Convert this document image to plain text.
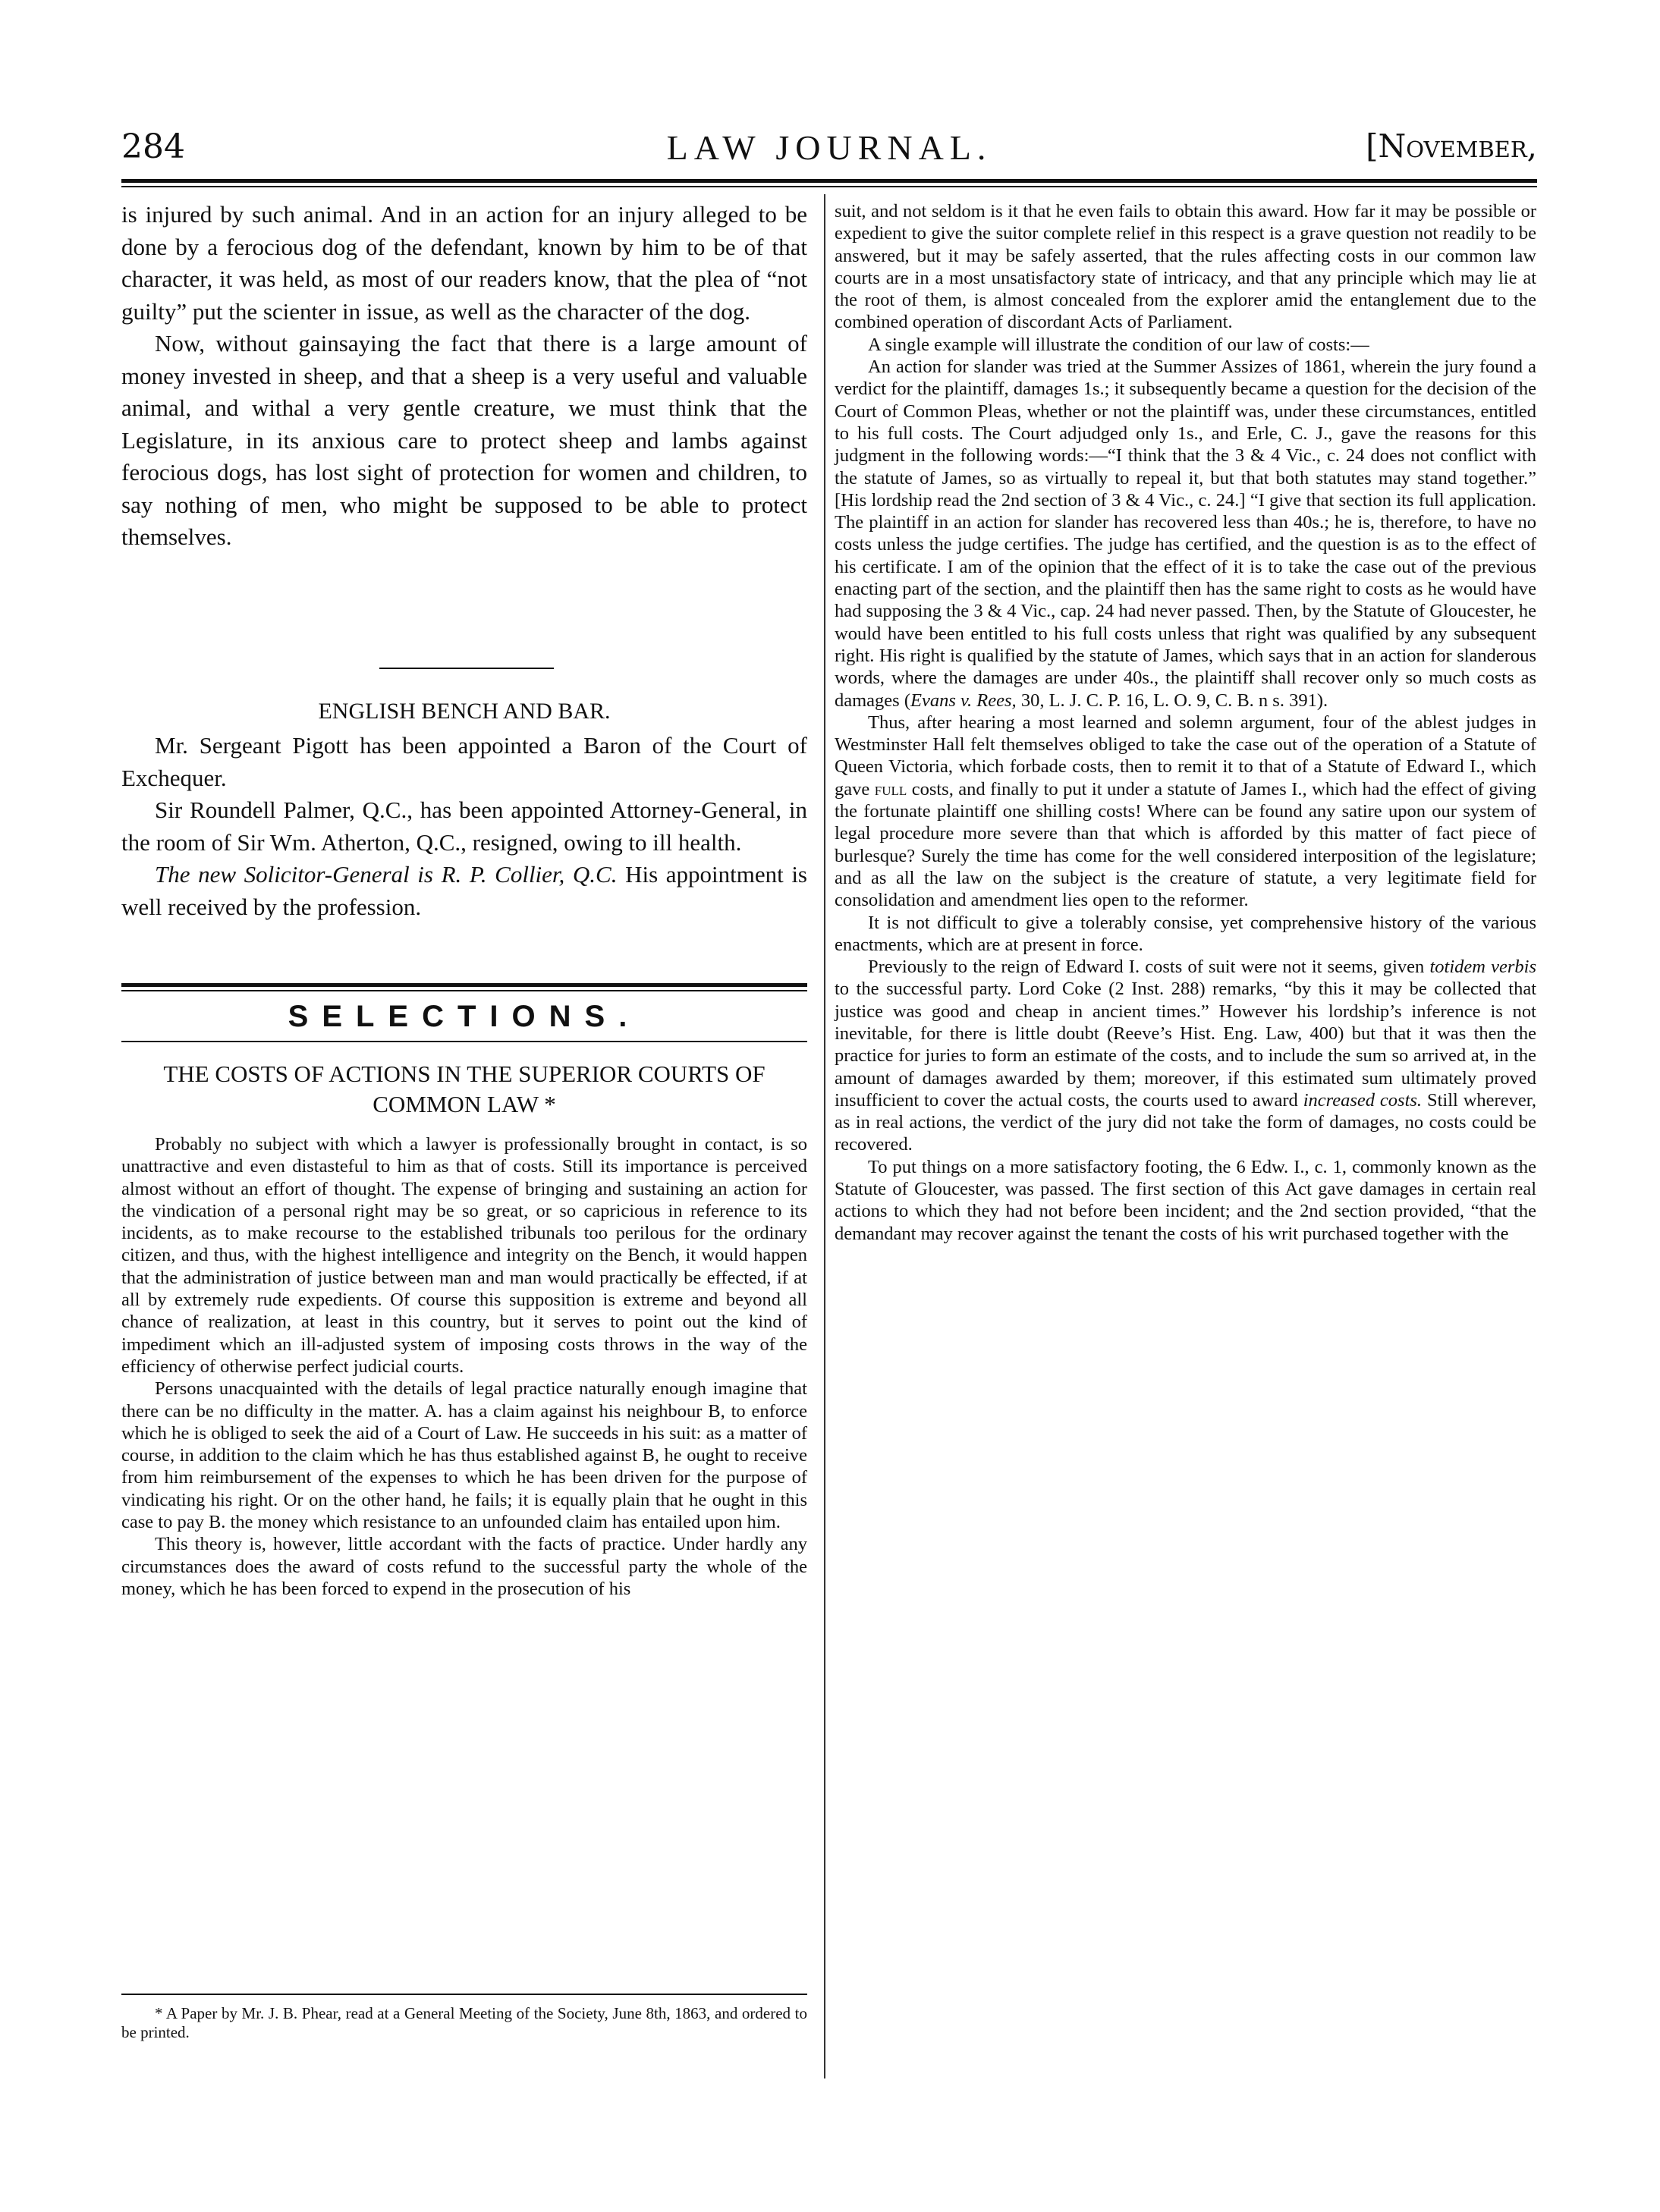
284	LAW JOURNAL.	[November,

is injured by such animal. And in an action for an injury alleged to be done by a ferocious dog of the defendant, known by him to be of that character, it was held, as most of our readers know, that the plea of “not guilty” put the scienter in issue, as well as the character of the dog.

Now, without gainsaying the fact that there is a large amount of money invested in sheep, and that a sheep is a very useful and valuable animal, and withal a very gentle creature, we must think that the Legislature, in its anxious care to protect sheep and lambs against ferocious dogs, has lost sight of protection for women and children, to say nothing of men, who might be supposed to be able to protect themselves.

ENGLISH BENCH AND BAR.

Mr. Sergeant Pigott has been appointed a Baron of the Court of Exchequer.

Sir Roundell Palmer, Q.C., has been appointed Attorney-General, in the room of Sir Wm. Atherton, Q.C., resigned, owing to ill health.

The new Solicitor-General is R. P. Collier, Q.C. His appointment is well received by the profession.

SELECTIONS.
THE COSTS OF ACTIONS IN THE SUPERIOR COURTS OF COMMON LAW *

Probably no subject with which a lawyer is professionally brought in contact, is so unattractive and even distasteful to him as that of costs. Still its importance is perceived almost without an effort of thought. The expense of bringing and sustaining an action for the vindication of a personal right may be so great, or so capricious in reference to its incidents, as to make recourse to the established tribunals too perilous for the ordinary citizen, and thus, with the highest intelligence and integrity on the Bench, it would happen that the administration of justice between man and man would practically be effected, if at all by extremely rude expedients. Of course this supposition is extreme and beyond all chance of realization, at least in this country, but it serves to point out the kind of impediment which an ill-adjusted system of imposing costs throws in the way of the efficiency of otherwise perfect judicial courts.

Persons unacquainted with the details of legal practice naturally enough imagine that there can be no difficulty in the matter. A. has a claim against his neighbour B, to enforce which he is obliged to seek the aid of a Court of Law. He succeeds in his suit: as a matter of course, in addition to the claim which he has thus established against B, he ought to receive from him reimbursement of the expenses to which he has been driven for the purpose of vindicating his right. Or on the other hand, he fails; it is equally plain that he ought in this case to pay B. the money which resistance to an unfounded claim has entailed upon him.

This theory is, however, little accordant with the facts of practice. Under hardly any circumstances does the award of costs refund to the successful party the whole of the money, which he has been forced to expend in the prosecution of his

* A Paper by Mr. J. B. Phear, read at a General Meeting of the Society, June 8th, 1863, and ordered to be printed.

suit, and not seldom is it that he even fails to obtain this award. How far it may be possible or expedient to give the suitor complete relief in this respect is a grave question not readily to be answered, but it may be safely asserted, that the rules affecting costs in our common law courts are in a most unsatisfactory state of intricacy, and that any principle which may lie at the root of them, is almost concealed from the explorer amid the entanglement due to the combined operation of discordant Acts of Parliament.

A single example will illustrate the condition of our law of costs:—

An action for slander was tried at the Summer Assizes of 1861, wherein the jury found a verdict for the plaintiff, damages 1s.; it subsequently became a question for the decision of the Court of Common Pleas, whether or not the plaintiff was, under these circumstances, entitled to his full costs. The Court adjudged only 1s., and Erle, C. J., gave the reasons for this judgment in the following words:—“I think that the 3 & 4 Vic., c. 24 does not conflict with the statute of James, so as virtually to repeal it, but that both statutes may stand together.” [His lordship read the 2nd section of 3 & 4 Vic., c. 24.] “I give that section its full application. The plaintiff in an action for slander has recovered less than 40s.; he is, therefore, to have no costs unless the judge certifies. The judge has certified, and the question is as to the effect of his certificate. I am of the opinion that the effect of it is to take the case out of the previous enacting part of the section, and the plaintiff then has the same right to costs as he would have had supposing the 3 & 4 Vic., cap. 24 had never passed. Then, by the Statute of Gloucester, he would have been entitled to his full costs unless that right was qualified by any subsequent right. His right is qualified by the statute of James, which says that in an action for slanderous words, where the damages are under 40s., the plaintiff shall recover only so much costs as damages (Evans v. Rees, 30, L. J. C. P. 16, L. O. 9, C. B. n s. 391).

Thus, after hearing a most learned and solemn argument, four of the ablest judges in Westminster Hall felt themselves obliged to take the case out of the operation of a Statute of Queen Victoria, which forbade costs, then to remit it to that of a Statute of Edward I., which gave full costs, and finally to put it under a statute of James I., which had the effect of giving the fortunate plaintiff one shilling costs! Where can be found any satire upon our system of legal procedure more severe than that which is afforded by this matter of fact piece of burlesque? Surely the time has come for the well considered interposition of the legislature; and as all the law on the subject is the creature of statute, a very legitimate field for consolidation and amendment lies open to the reformer.

It is not difficult to give a tolerably consise, yet comprehensive history of the various enactments, which are at present in force.

Previously to the reign of Edward I. costs of suit were not it seems, given totidem verbis to the successful party. Lord Coke (2 Inst. 288) remarks, “by this it may be collected that justice was good and cheap in ancient times.” However his lordship’s inference is not inevitable, for there is little doubt (Reeve’s Hist. Eng. Law, 400) but that it was then the practice for juries to form an estimate of the costs, and to include the sum so arrived at, in the amount of damages awarded by them; moreover, if this estimated sum ultimately proved insufficient to cover the actual costs, the courts used to award increased costs. Still wherever, as in real actions, the verdict of the jury did not take the form of damages, no costs could be recovered.

To put things on a more satisfactory footing, the 6 Edw. I., c. 1, commonly known as the Statute of Gloucester, was passed. The first section of this Act gave damages in certain real actions to which they had not before been incident; and the 2nd section provided, “that the demandant may recover against the tenant the costs of his writ purchased together with the
